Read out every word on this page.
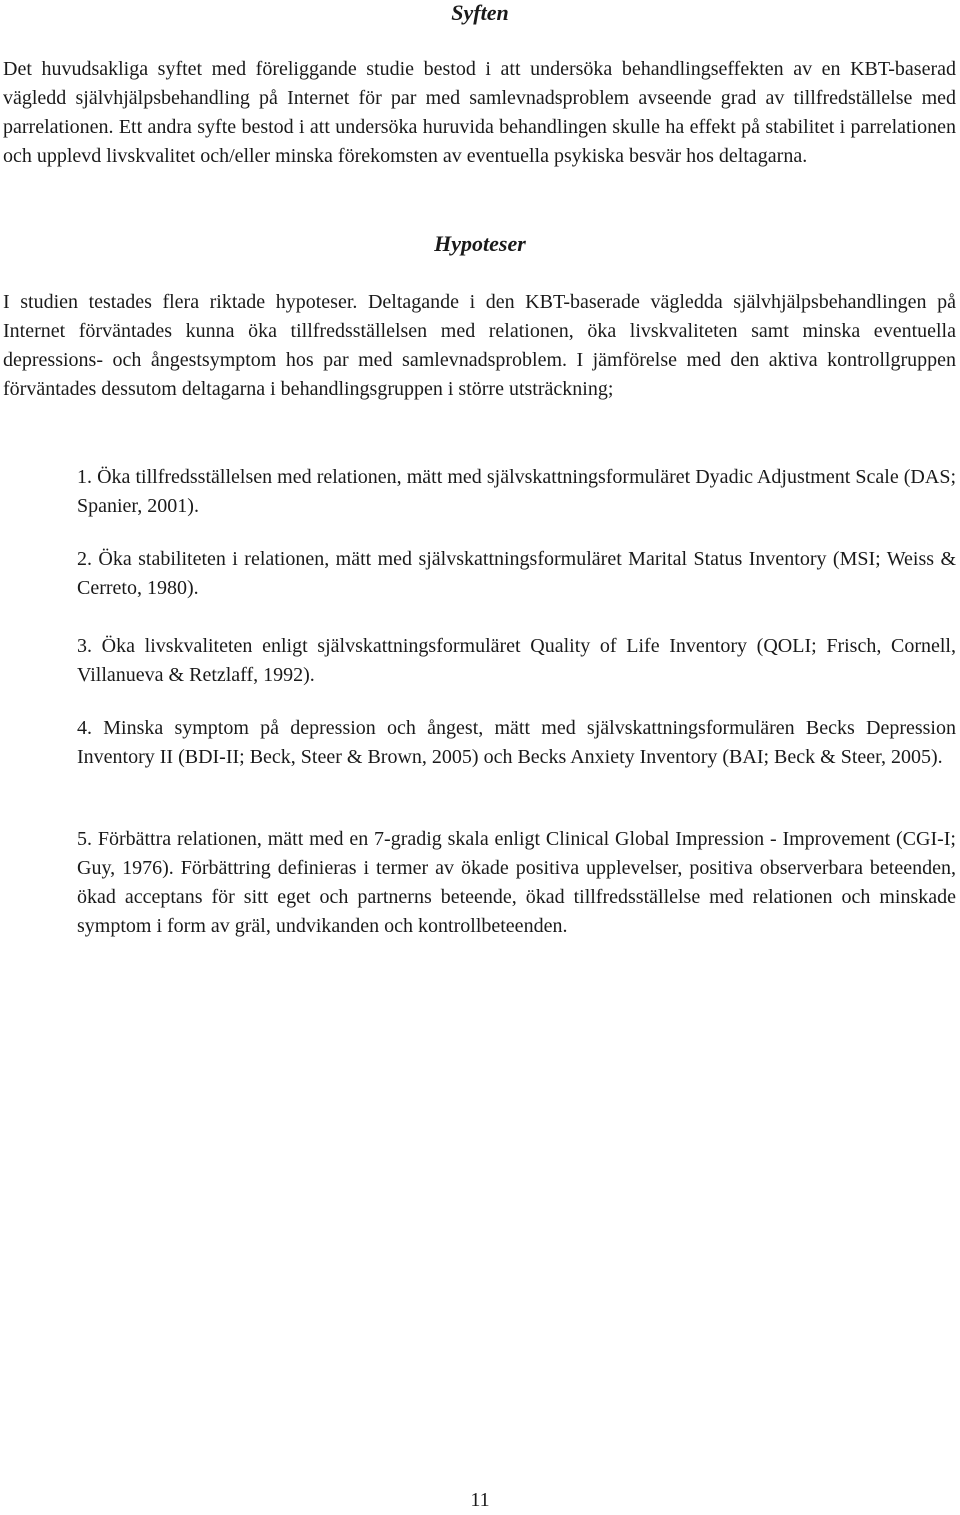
Syften

Det huvudsakliga syftet med föreliggande studie bestod i att undersöka behandlingseffekten av en KBT-baserad vägledd självhjälpsbehandling på Internet för par med samlevnadsproblem avseende grad av tillfredställelse med parrelationen. Ett andra syfte bestod i att undersöka huruvida behandlingen skulle ha effekt på stabilitet i parrelationen och upplevd livskvalitet och/eller minska förekomsten av eventuella psykiska besvär hos deltagarna.

Hypoteser

I studien testades flera riktade hypoteser. Deltagande i den KBT-baserade vägledda självhjälpsbehandlingen på Internet förväntades kunna öka tillfredsställelsen med relationen, öka livskvaliteten samt minska eventuella depressions- och ångestsymptom hos par med samlevnadsproblem. I jämförelse med den aktiva kontrollgruppen förväntades dessutom deltagarna i behandlingsgruppen i större utsträckning;

1. Öka tillfredsställelsen med relationen, mätt med självskattningsformuläret Dyadic Adjustment Scale (DAS; Spanier, 2001).

2. Öka stabiliteten i relationen, mätt med självskattningsformuläret Marital Status Inventory (MSI; Weiss & Cerreto, 1980).

3. Öka livskvaliteten enligt självskattningsformuläret Quality of Life Inventory (QOLI; Frisch, Cornell, Villanueva & Retzlaff, 1992).

4. Minska symptom på depression och ångest, mätt med självskattningsformulären Becks Depression Inventory II (BDI-II; Beck, Steer & Brown, 2005) och Becks Anxiety Inventory (BAI; Beck & Steer, 2005).

5. Förbättra relationen, mätt med en 7-gradig skala enligt Clinical Global Impression - Improvement (CGI-I; Guy, 1976). Förbättring definieras i termer av ökade positiva upplevelser, positiva observerbara beteenden, ökad acceptans för sitt eget och partnerns beteende, ökad tillfredsställelse med relationen och minskade symptom i form av gräl, undvikanden och kontrollbeteenden.

11
